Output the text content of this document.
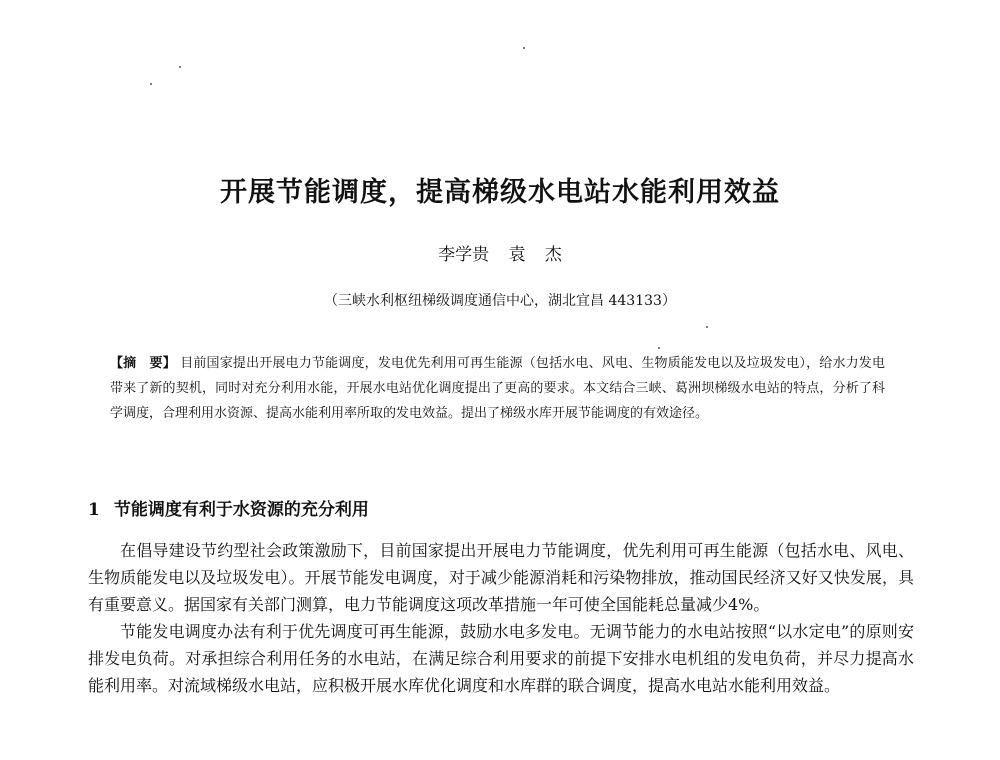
开展节能调度，提高梯级水电站水能利用效益
李学贵 袁 杰
（三峡水利枢纽梯级调度通信中心，湖北宜昌 443133）
【摘　要】 目前国家提出开展电力节能调度，发电优先利用可再生能源（包括水电、风电、生物质能发电以及垃圾发电），给水力发电带来了新的契机，同时对充分利用水能，开展水电站优化调度提出了更高的要求。本文结合三峡、葛洲坝梯级水电站的特点，分析了科学调度，合理利用水资源、提高水能利用率所取的发电效益。提出了梯级水库开展节能调度的有效途径。
1 节能调度有利于水资源的充分利用

在倡导建设节约型社会政策激励下，目前国家提出开展电力节能调度，优先利用可再生能源（包括水电、风电、生物质能发电以及垃圾发电）。开展节能发电调度，对于减少能源消耗和污染物排放，推动国民经济又好又快发展，具有重要意义。据国家有关部门测算，电力节能调度这项改革措施一年可使全国能耗总量减少4%。

节能发电调度办法有利于优先调度可再生能源，鼓励水电多发电。无调节能力的水电站按照“以水定电”的原则安排发电负荷。对承担综合利用任务的水电站，在满足综合利用要求的前提下安排水电机组的发电负荷，并尽力提高水能利用率。对流域梯级水电站，应积极开展水库优化调度和水库群的联合调度，提高水电站水能利用效益。
